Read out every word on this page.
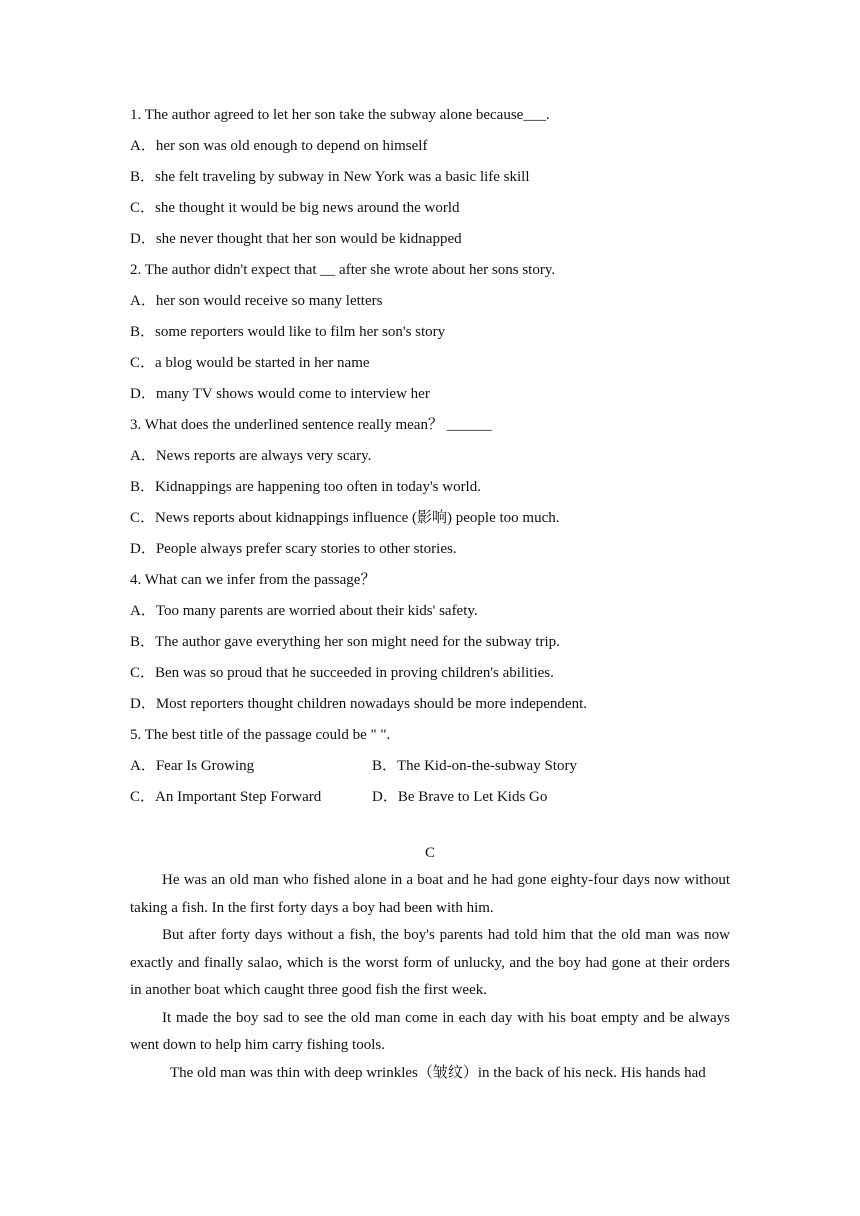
1. The author agreed to let her son take the subway alone because___.
A．her son was old enough to depend on himself
B．she felt traveling by subway in New York was a basic life skill
C．she thought it would be big news around the world
D．she never thought that her son would be kidnapped
2. The author didn't expect that __ after she wrote about her sons story.
A．her son would receive so many letters
B．some reporters would like to film her son's story
C．a blog would be started in her name
D．many TV shows would come to interview her
3. What does the underlined sentence really mean？ ______
A．News reports are always very scary.
B．Kidnappings are happening too often in today's world.
C．News reports about kidnappings influence (影响) people too much.
D．People always prefer scary stories to other stories.
4. What can we infer from the passage？
A．Too many parents are worried about their kids' safety.
B．The author gave everything her son might need for the subway trip.
C．Ben was so proud that he succeeded in proving children's abilities.
D．Most reporters thought children nowadays should be more independent.
5. The best title of the passage could be " ".
A．Fear Is Growing	B．The Kid-on-the-subway Story
C．An Important Step Forward	D．Be Brave to Let Kids Go
C

He was an old man who fished alone in a boat and he had gone eighty-four days now without taking a fish. In the first forty days a boy had been with him.

But after forty days without a fish, the boy's parents had told him that the old man was now exactly and finally salao, which is the worst form of unlucky, and the boy had gone at their orders in another boat which caught three good fish the first week.

It made the boy sad to see the old man come in each day with his boat empty and be always went down to help him carry fishing tools.

The old man was thin with deep wrinkles（皱纹）in the back of his neck. His hands had
